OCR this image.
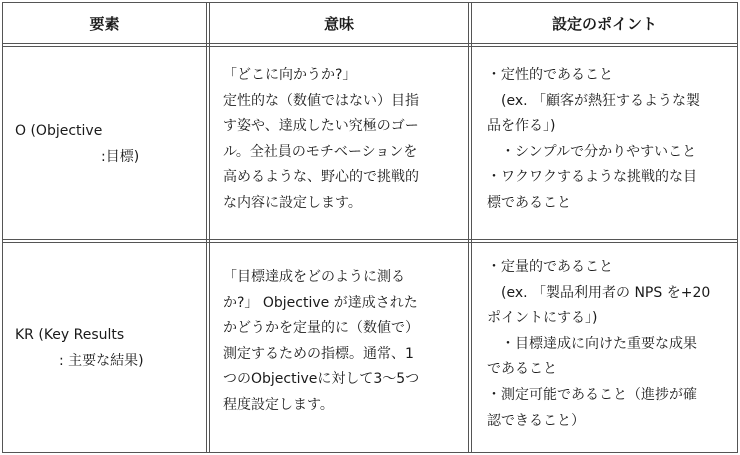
要素	意味	設定のポイント

O (Objective

　:目標)

「どこに向かうか?」

定性的な（数値ではない）目指

す姿や、達成したい究極のゴー

ル。全社員のモチベーションを

高めるような、野心的で挑戦的

な内容に設定します。

・定性的であること

　(ex. 「顧客が熱狂するような製

品を作る」)

　・シンプルで分かりやすいこと

・ワクワクするような挑戦的な目

標であること

KR (Key Results

　: 主要な結果)

「目標達成をどのように測る

か?」 Objective が達成された

かどうかを定量的に（数値で）

測定するための指標。通常、1

つのObjectiveに対して3〜5つ

程度設定します。

・定量的であること

　(ex. 「製品利用者の NPS を+20

ポイントにする」)

　・目標達成に向けた重要な成果

であること

・測定可能であること（進捗が確

認できること）
